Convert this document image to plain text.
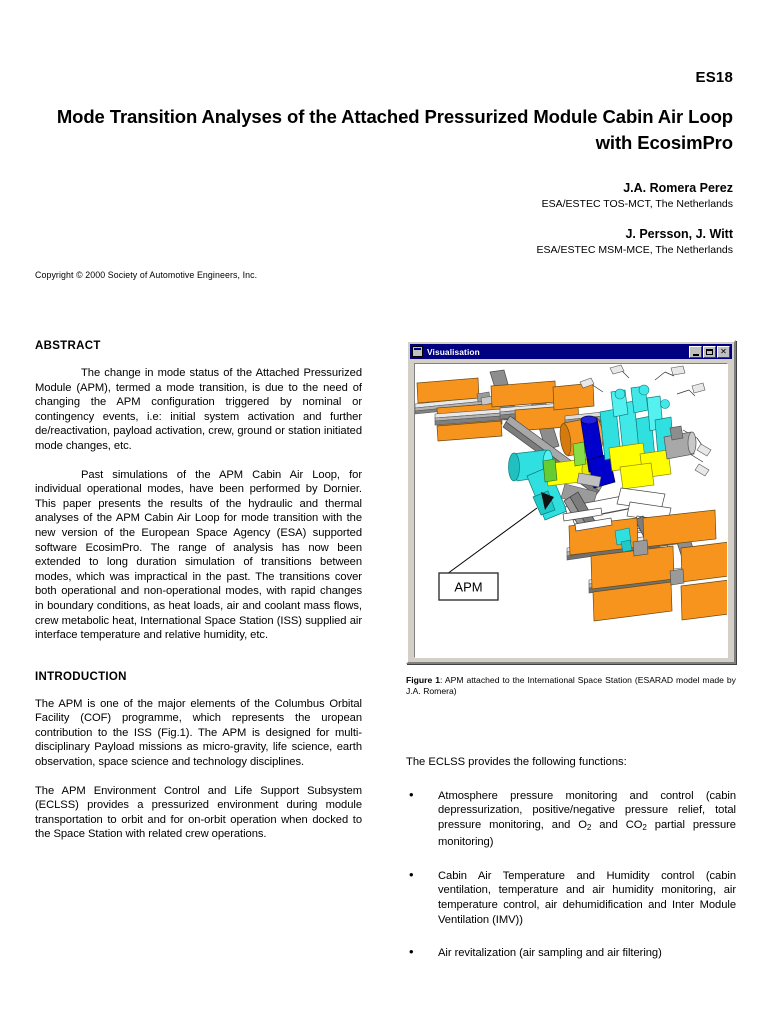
ES18
Mode Transition Analyses of the Attached Pressurized Module Cabin Air Loop with EcosimPro
J.A. Romera Perez
ESA/ESTEC TOS-MCT, The Netherlands
J. Persson, J. Witt
ESA/ESTEC MSM-MCE, The Netherlands
Copyright © 2000 Society of Automotive Engineers, Inc.
ABSTRACT

The change in mode status of the Attached Pressurized Module (APM), termed a mode transition, is due to the need of changing the APM configuration triggered by nominal or contingency events, i.e: initial system activation and further de/reactivation, payload activation, crew, ground or station initiated mode changes, etc.

Past simulations of the APM Cabin Air Loop, for individual operational modes, have been performed by Dornier. This paper presents the results of the hydraulic and thermal analyses of the APM Cabin Air Loop for mode transition with the new version of the European Space Agency (ESA) supported software EcosimPro. The range of analysis has now been extended to long duration simulation of transitions between modes, which was impractical in the past. The transitions cover both operational and non-operational modes, with rapid changes in boundary conditions, as heat loads, air and coolant mass flows, crew metabolic heat, International Space Station (ISS) supplied air interface temperature and relative humidity, etc.

INTRODUCTION

The APM is one of the major elements of the Columbus Orbital Facility (COF) programme, which represents the uropean contribution to the ISS (Fig.1). The APM is designed for multi-disciplinary Payload missions as micro-gravity, life science, earth observation, space science and technology disciplines.

The APM Environment Control and Life Support Subsystem (ECLSS) provides a pressurized environment during module transportation to orbit and for on-orbit operation when docked to the Space Station with related crew operations.

Visualisation	✕
APM
Figure 1: APM attached to the International Space Station (ESARAD model made by J.A. Romera)
The ECLSS provides the following functions:
• Atmosphere pressure monitoring and control (cabin depressurization, positive/negative pressure relief, total pressure monitoring, and $O_2$ and $CO_2$ partial pressure monitoring)
• Cabin Air Temperature and Humidity control (cabin ventilation, temperature and air humidity monitoring, air temperature control, air dehumidification and Inter Module Ventilation (IMV))
• Air revitalization (air sampling and air filtering)
